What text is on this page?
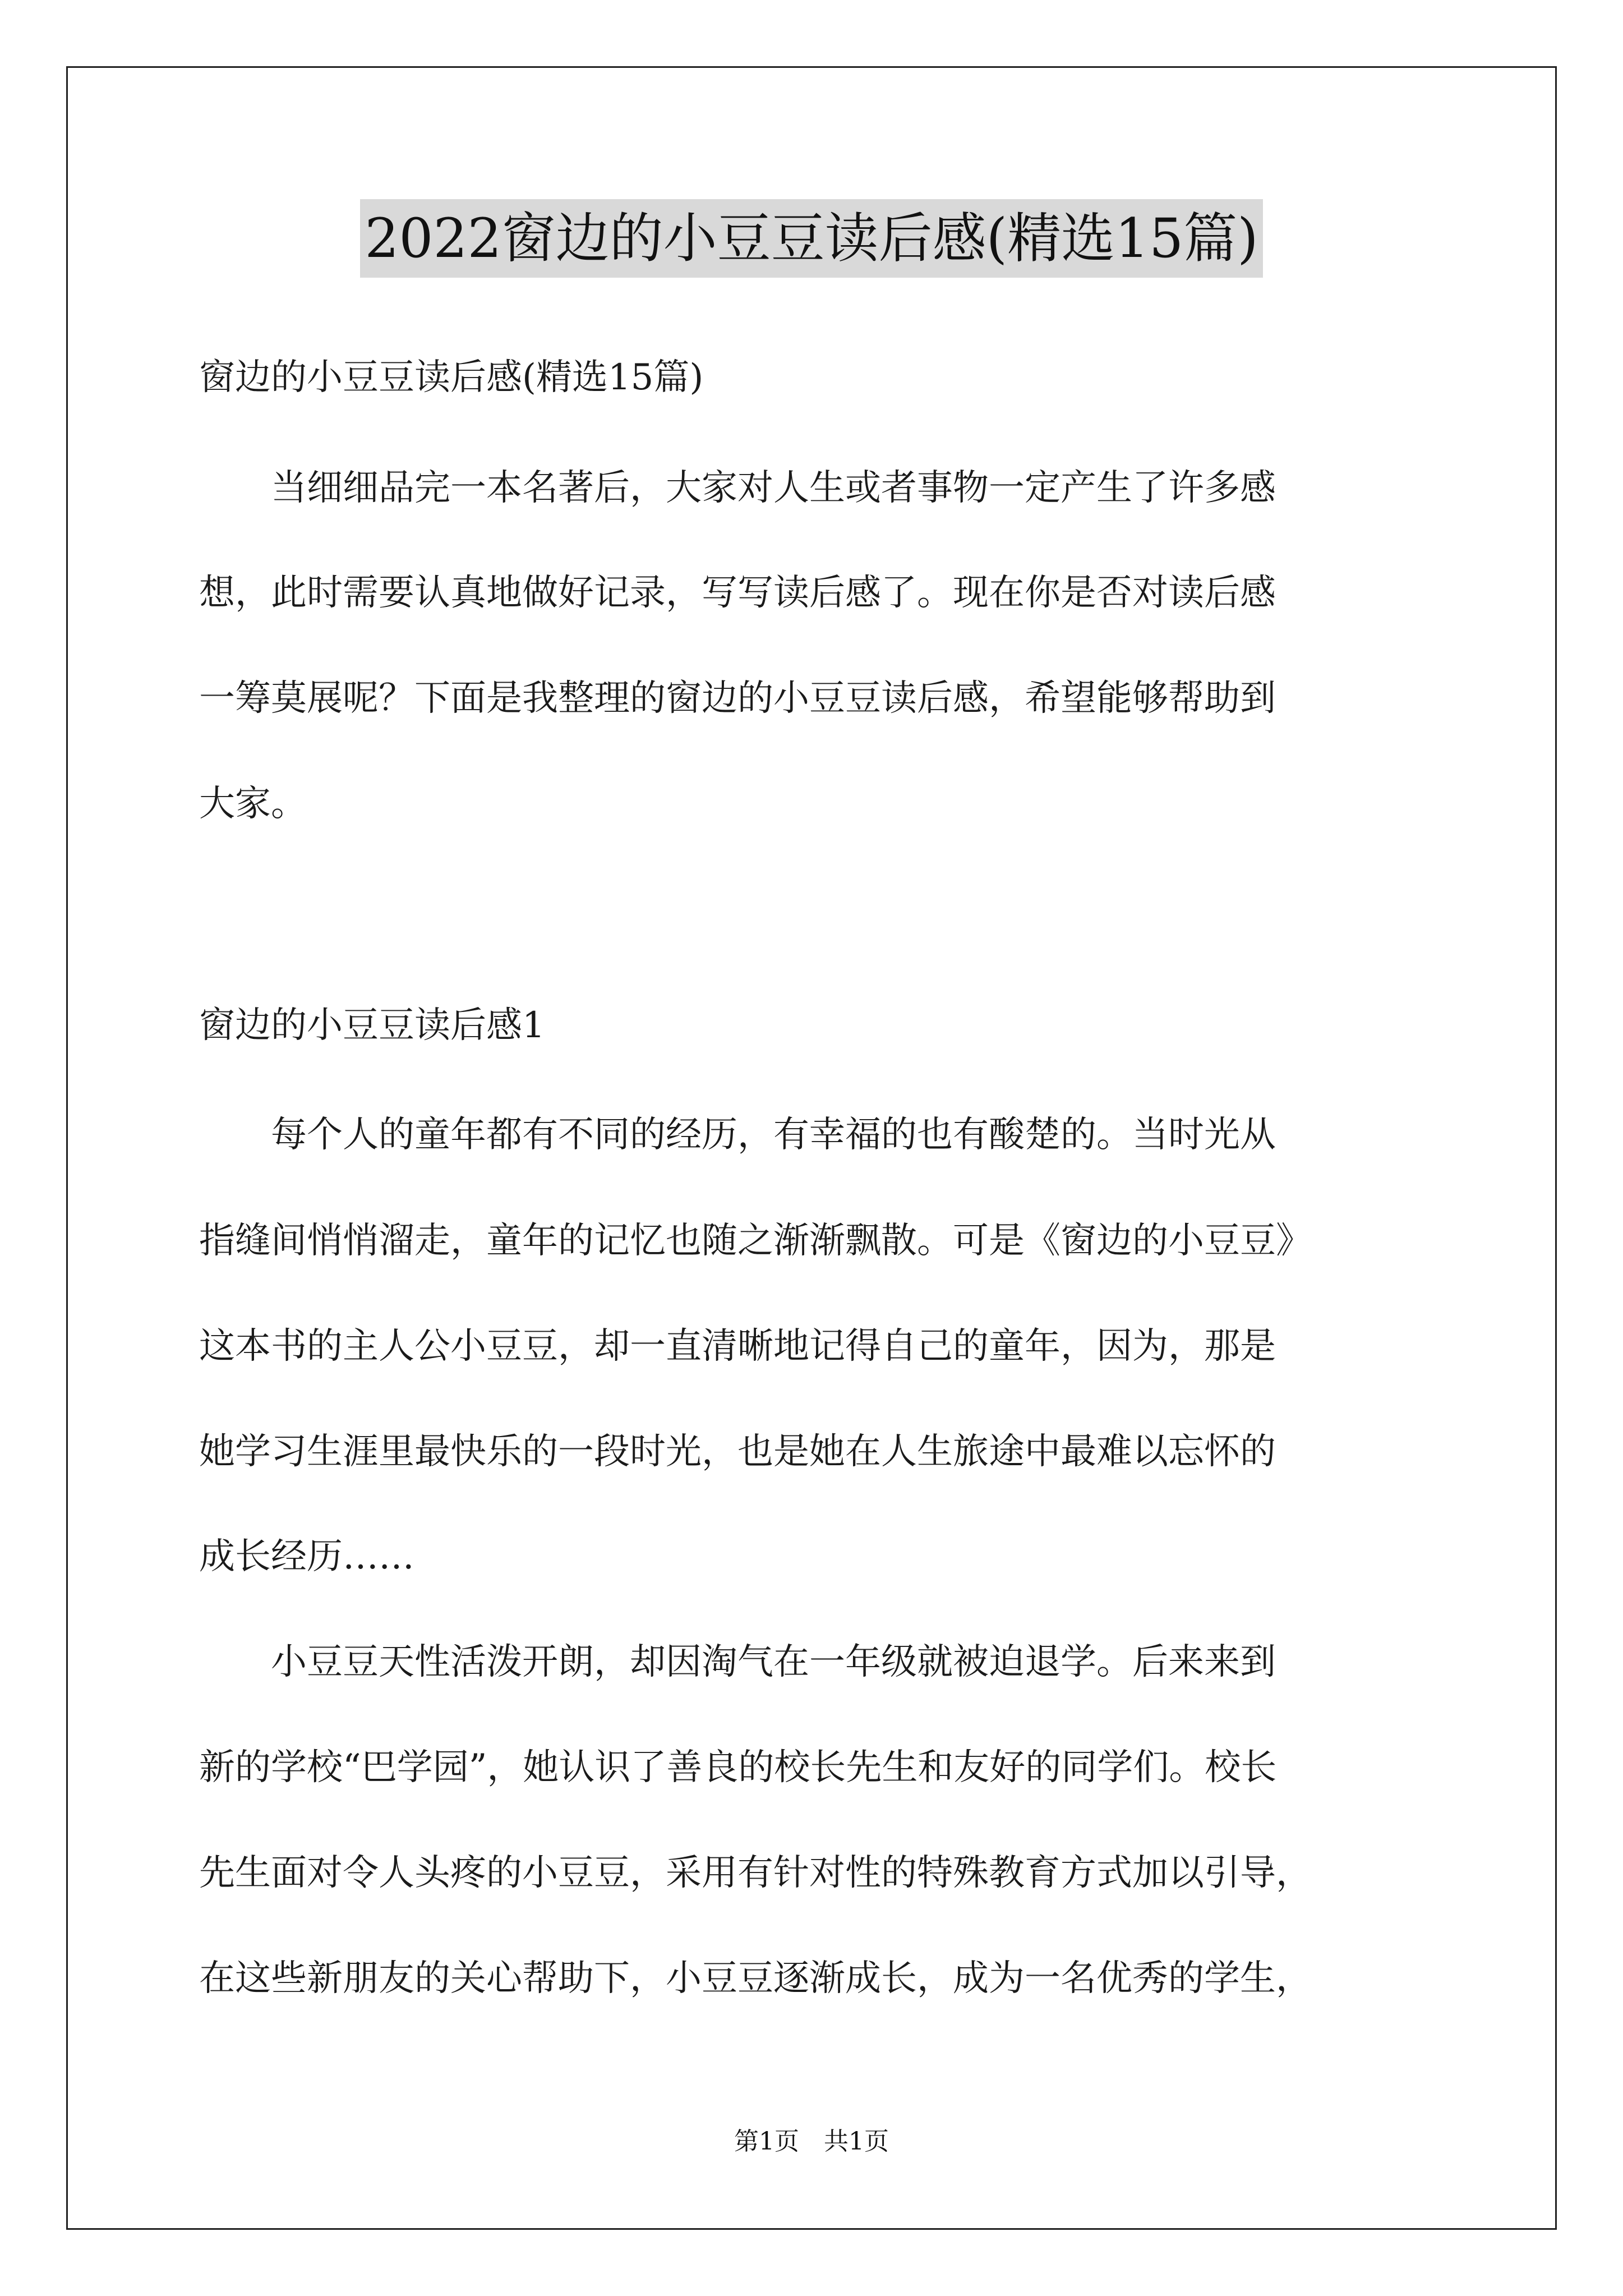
2022窗边的小豆豆读后感(精选15篇)
窗边的小豆豆读后感(精选15篇)
　　当细细品完一本名著后，大家对人生或者事物一定产生了许多感
想，此时需要认真地做好记录，写写读后感了。现在你是否对读后感
一筹莫展呢？下面是我整理的窗边的小豆豆读后感，希望能够帮助到
大家。
窗边的小豆豆读后感1
　　每个人的童年都有不同的经历，有幸福的也有酸楚的。当时光从
指缝间悄悄溜走，童年的记忆也随之渐渐飘散。可是《窗边的小豆豆》
这本书的主人公小豆豆，却一直清晰地记得自己的童年，因为，那是
她学习生涯里最快乐的一段时光，也是她在人生旅途中最难以忘怀的
成长经历……
　　小豆豆天性活泼开朗，却因淘气在一年级就被迫退学。后来来到
新的学校“巴学园”，她认识了善良的校长先生和友好的同学们。校长
先生面对令人头疼的小豆豆，采用有针对性的特殊教育方式加以引导，
在这些新朋友的关心帮助下，小豆豆逐渐成长，成为一名优秀的学生，
第1页　共1页
